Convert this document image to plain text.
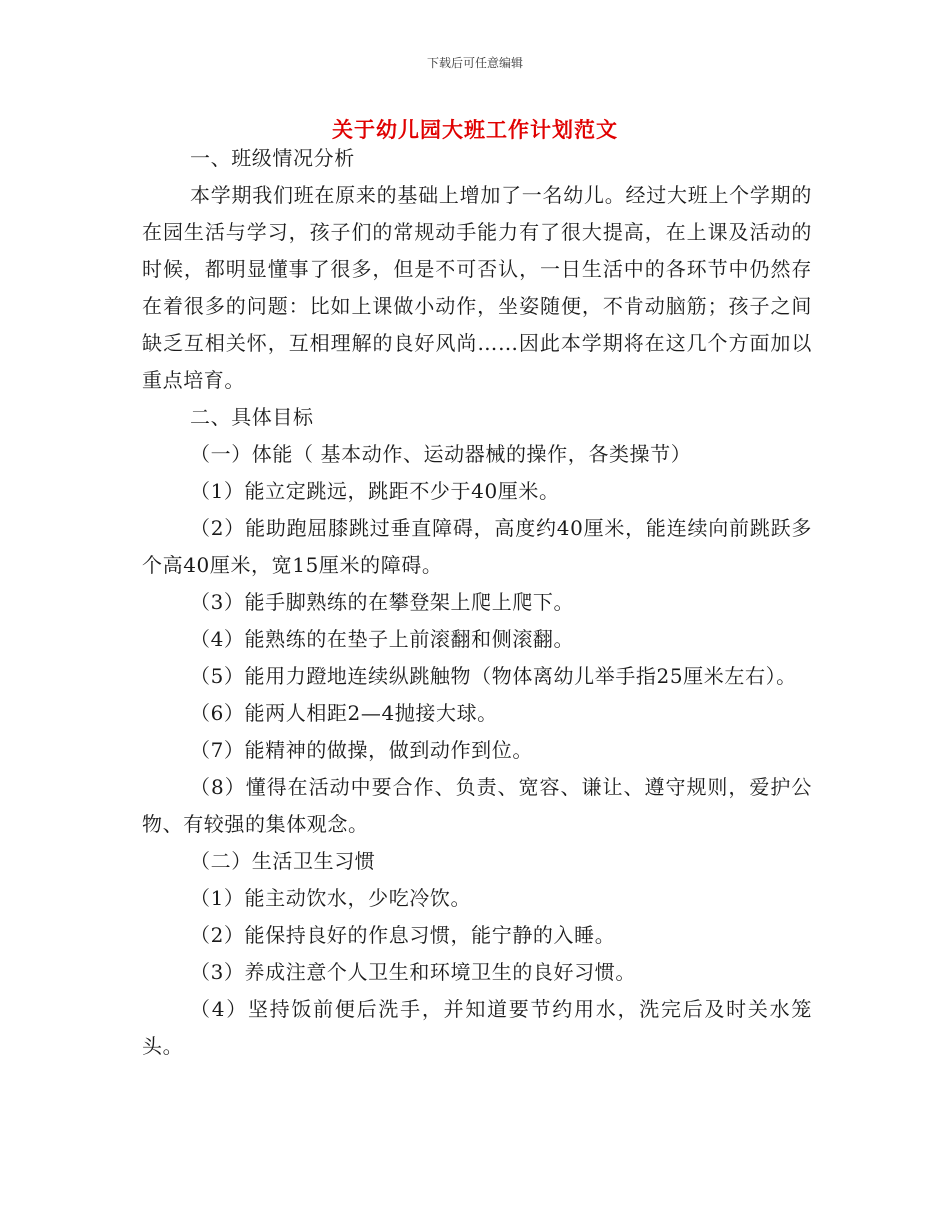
下载后可任意编辑
关于幼儿园大班工作计划范文

一、班级情况分析

本学期我们班在原来的基础上增加了一名幼儿。经过大班上个学期的在园生活与学习，孩子们的常规动手能力有了很大提高，在上课及活动的时候，都明显懂事了很多，但是不可否认，一日生活中的各环节中仍然存在着很多的问题：比如上课做小动作，坐姿随便，不肯动脑筋；孩子之间缺乏互相关怀，互相理解的良好风尚……因此本学期将在这几个方面加以重点培育。

二、具体目标

（一）体能（ 基本动作、运动器械的操作，各类操节）

（1）能立定跳远，跳距不少于40厘米。

（2）能助跑屈膝跳过垂直障碍，高度约40厘米，能连续向前跳跃多个高40厘米，宽15厘米的障碍。

（3）能手脚熟练的在攀登架上爬上爬下。

（4）能熟练的在垫子上前滚翻和侧滚翻。

（5）能用力蹬地连续纵跳触物（物体离幼儿举手指25厘米左右）。

（6）能两人相距2—4抛接大球。

（7）能精神的做操，做到动作到位。

（8）懂得在活动中要合作、负责、宽容、谦让、遵守规则，爱护公物、有较强的集体观念。

（二）生活卫生习惯

（1）能主动饮水，少吃冷饮。

（2）能保持良好的作息习惯，能宁静的入睡。

（3）养成注意个人卫生和环境卫生的良好习惯。

（4）坚持饭前便后洗手，并知道要节约用水，洗完后及时关水笼头。
